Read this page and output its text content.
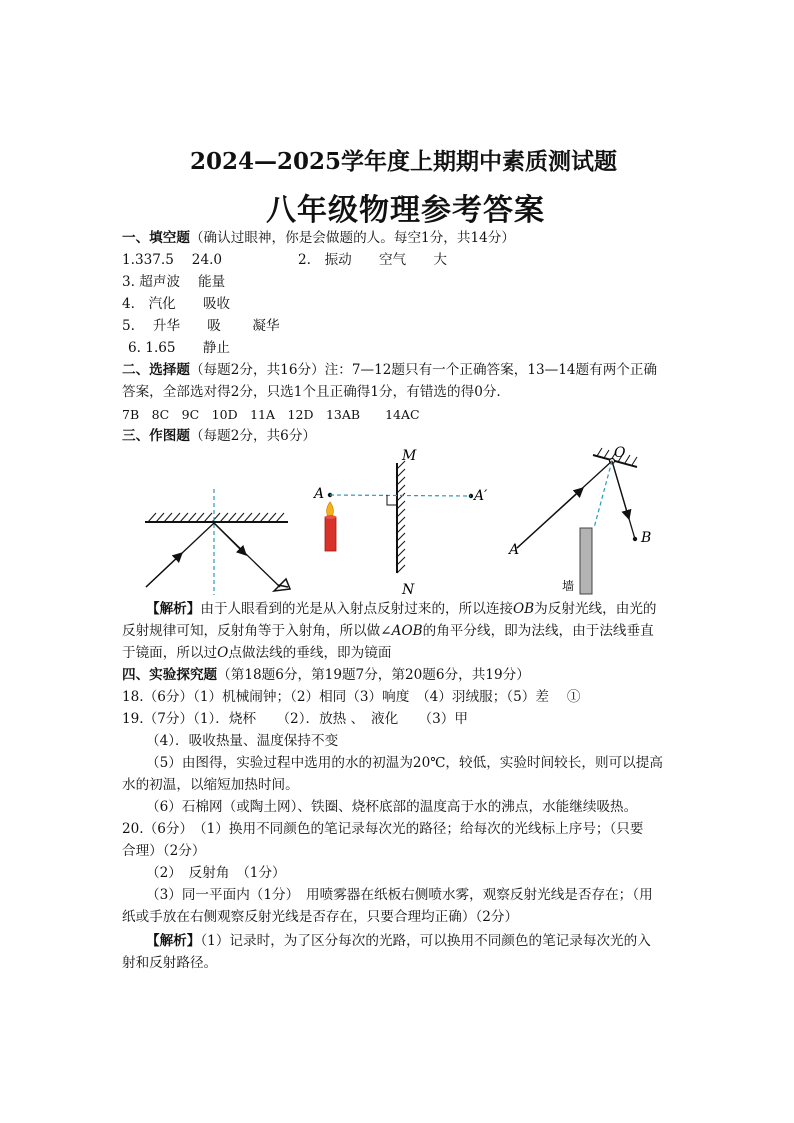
2024—2025学年度上期期中素质测试题
八年级物理参考答案
一、填空题（确认过眼神，你是会做题的人。每空1分，共14分）
1.337.5　 24.0	2.　振动　　空气　　大
3. 超声波　 能量
4.　汽化　　吸收
5.　 升华　　吸　　 凝华
6. 1.65　　静止
二、选择题（每题2分，共16分）注：7—12题只有一个正确答案，13—14题有两个正确
答案，全部选对得2分，只选1个且正确得1分，有错选的得0分.
7B　8C　9C　10D　11A　12D　13AB　　14AC
三、作图题（每题2分，共6分）
M
N
A	A′
O
B
A
墙
【解析】由于人眼看到的光是从入射点反射过来的，所以连接OB为反射光线，由光的
反射规律可知，反射角等于入射角，所以做∠AOB的角平分线，即为法线，由于法线垂直
于镜面，所以过O点做法线的垂线，即为镜面
四、实验探究题（第18题6分，第19题7分，第20题6分，共19分）
18.（6分）（1）机械闹钟；（2）相同（3）响度　（4）羽绒服；（5）差　 ①
19.（7分）（1）．烧杯　　（2）．放热 、　液化　　（3）甲
（4）．吸收热量、温度保持不变
（5）由图得，实验过程中选用的水的初温为20℃，较低，实验时间较长，则可以提高
水的初温，以缩短加热时间。
（6）石棉网（或陶土网）、铁圈、烧杯底部的温度高于水的沸点，水能继续吸热。
20.（6分）　（1）换用不同颜色的笔记录每次光的路径；给每次的光线标上序号；（只要
合理）（2分）
（2）　反射角　（1分）
（3）同一平面内（1分）　用喷雾器在纸板右侧喷水雾，观察反射光线是否存在；（用
纸或手放在右侧观察反射光线是否存在，只要合理均正确）（2分）
【解析】（1）记录时，为了区分每次的光路，可以换用不同颜色的笔记录每次光的入
射和反射路径。
